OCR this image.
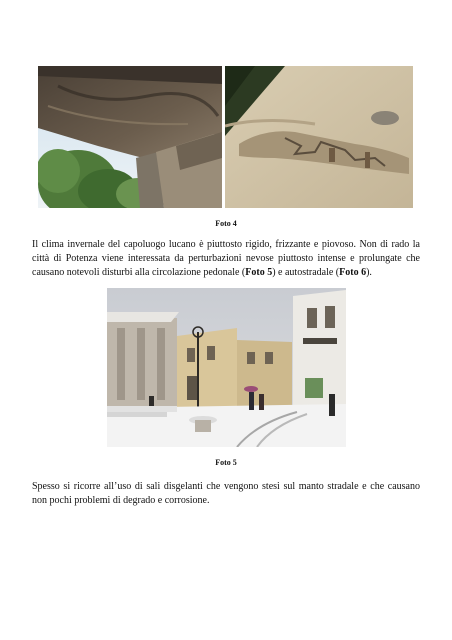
Foto 4

Il clima invernale del capoluogo lucano è piuttosto rigido, frizzante e piovoso. Non di rado la città di Potenza viene interessata da perturbazioni nevose piuttosto intense e prolungate che causano notevoli disturbi alla circolazione pedonale (Foto 5) e autostradale (Foto 6).

Foto 5

Spesso si ricorre all’uso di sali disgelanti che vengono stesi sul manto stradale e che causano non pochi problemi di degrado e corrosione.
